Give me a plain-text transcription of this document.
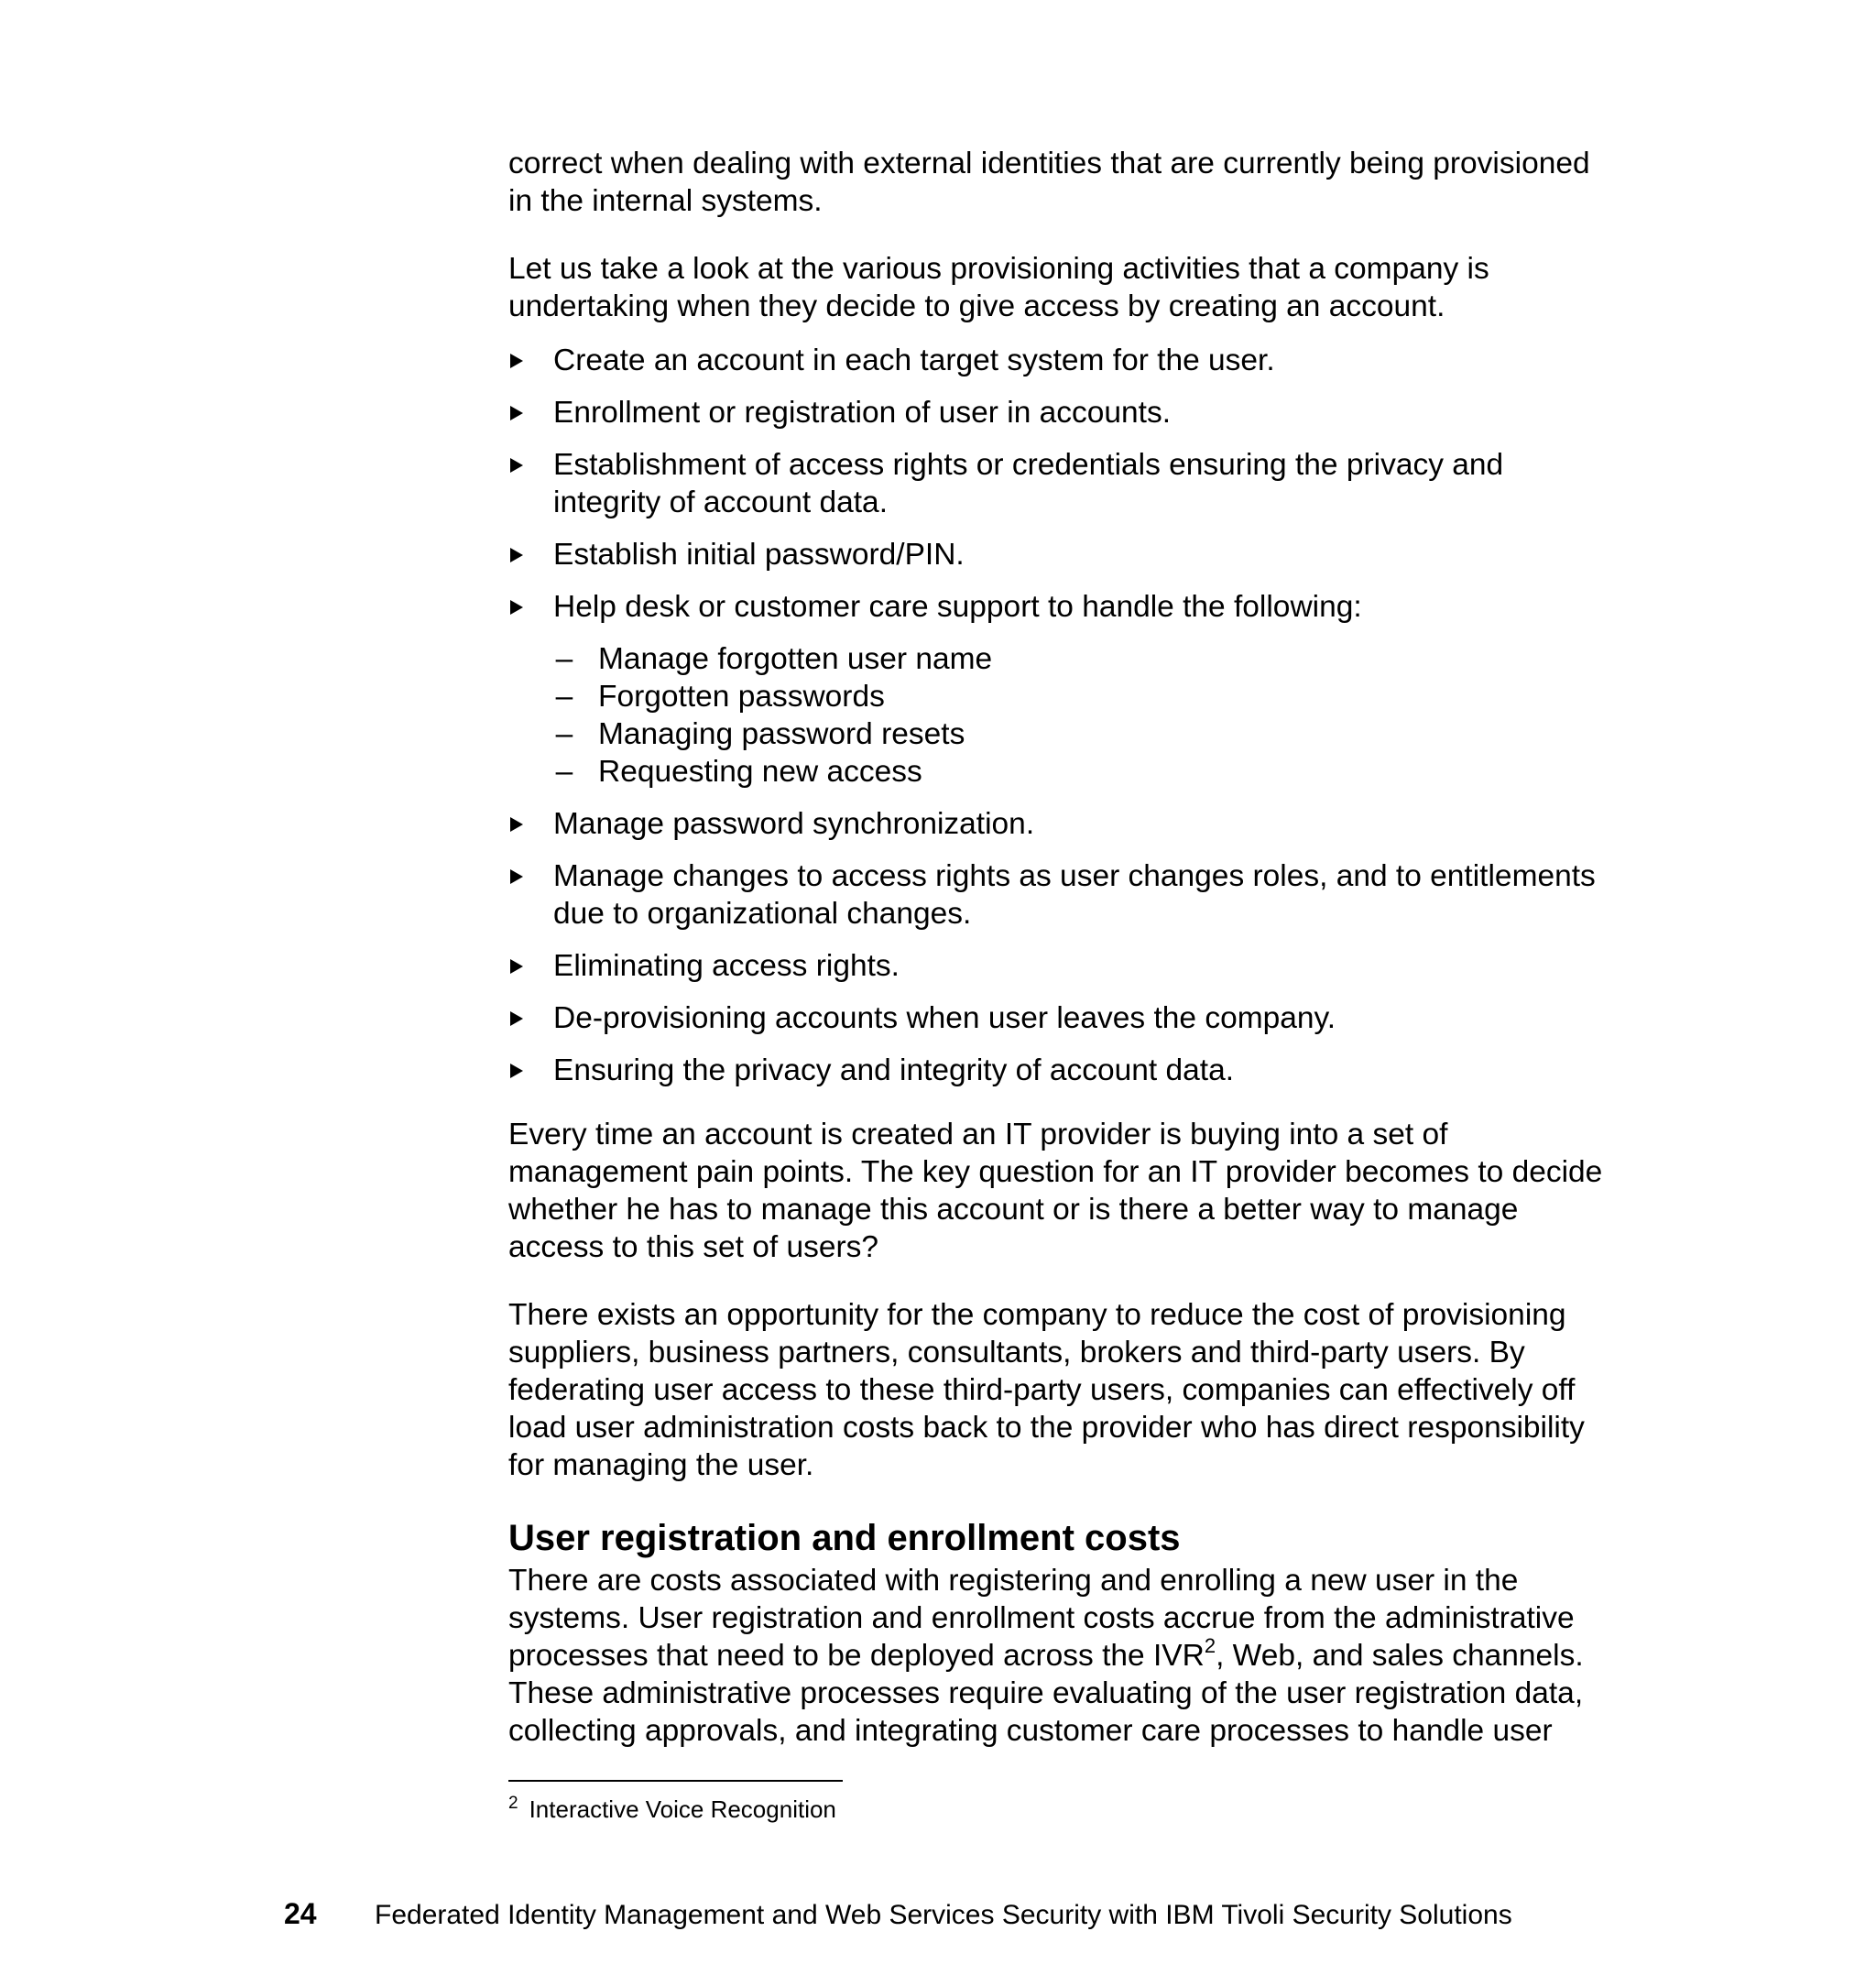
correct when dealing with external identities that are currently being provisioned in the internal systems.

Let us take a look at the various provisioning activities that a company is undertaking when they decide to give access by creating an account.

Create an account in each target system for the user.
Enrollment or registration of user in accounts.
Establishment of access rights or credentials ensuring the privacy and integrity of account data.
Establish initial password/PIN.
Help desk or customer care support to handle the following:
– Manage forgotten user name
– Forgotten passwords
– Managing password resets
– Requesting new access
Manage password synchronization.
Manage changes to access rights as user changes roles, and to entitlements due to organizational changes.
Eliminating access rights.
De-provisioning accounts when user leaves the company.
Ensuring the privacy and integrity of account data.

Every time an account is created an IT provider is buying into a set of management pain points. The key question for an IT provider becomes to decide whether he has to manage this account or is there a better way to manage access to this set of users?

There exists an opportunity for the company to reduce the cost of provisioning suppliers, business partners, consultants, brokers and third-party users. By federating user access to these third-party users, companies can effectively off load user administration costs back to the provider who has direct responsibility for managing the user.

User registration and enrollment costs

There are costs associated with registering and enrolling a new user in the systems. User registration and enrollment costs accrue from the administrative processes that need to be deployed across the IVR$^2$, Web, and sales channels. These administrative processes require evaluating of the user registration data, collecting approvals, and integrating customer care processes to handle user

$^2$ Interactive Voice Recognition
24 Federated Identity Management and Web Services Security with IBM Tivoli Security Solutions
